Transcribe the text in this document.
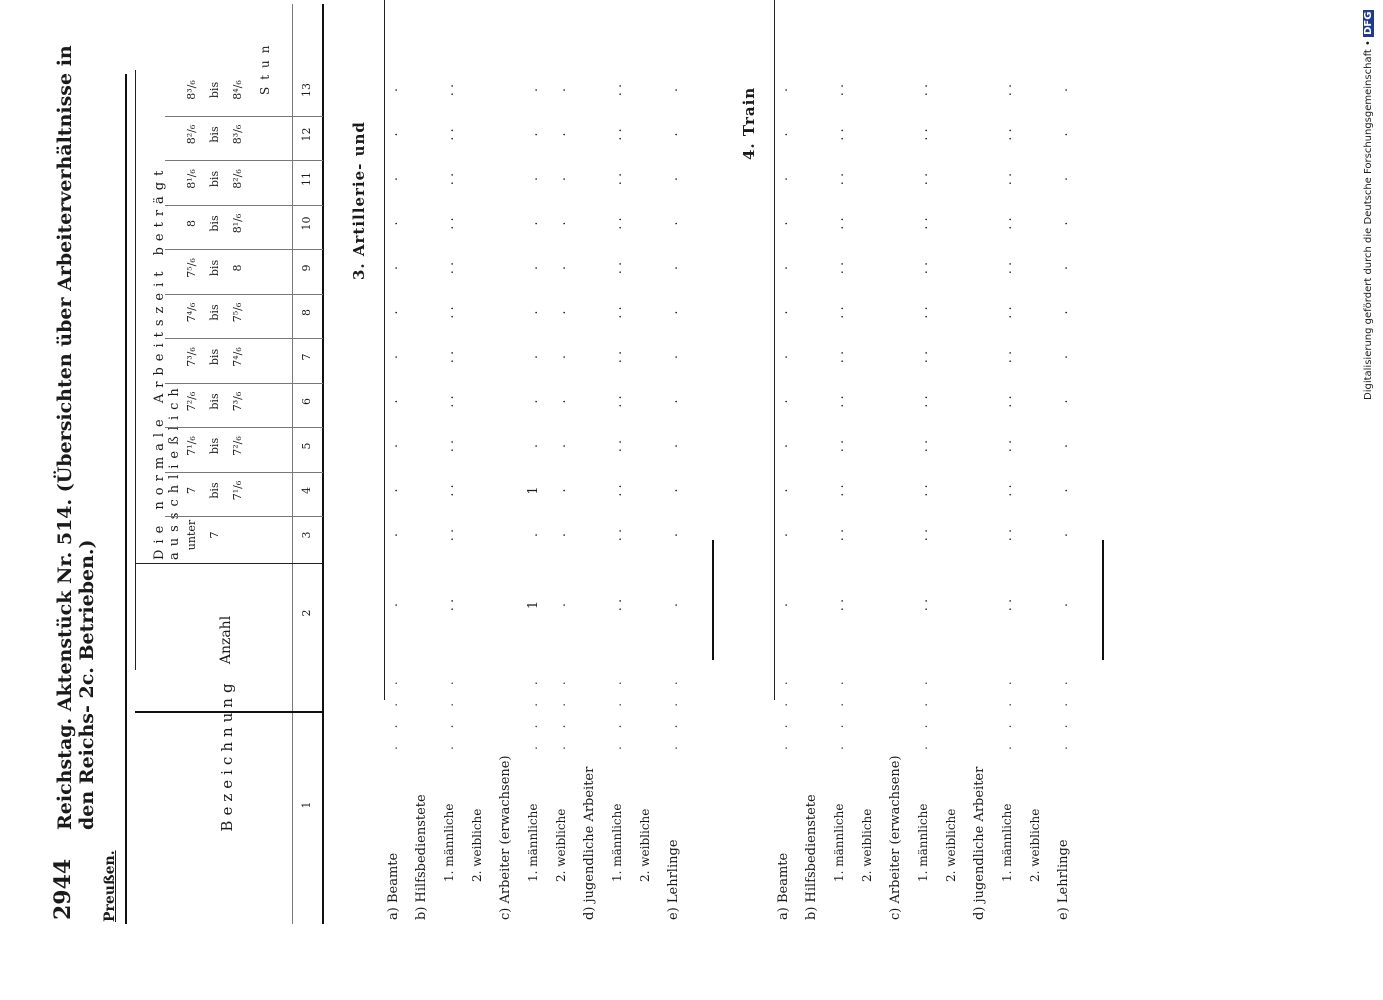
2944
Reichstag. Aktenstück Nr. 514. (Übersichten über Arbeiterverhältnisse in den Reichs- 2c. Betrieben.)
Preußen.
Bezeichnung
Anzahl
Die normale Arbeitszeit beträgt ausschließlich
Stun
unter 7
7 bis 7¹/₆
7¹/₆ bis 7²/₆
7²/₆ bis 7³/₆
7³/₆ bis 7⁴/₆
7⁴/₆ bis 7⁵/₆
7⁵/₆ bis 8
8 bis 8¹/₆
8¹/₆ bis 8²/₆
8²/₆ bis 8³/₆
8³/₆ bis 8⁴/₆
1
2
3
4
5
6
7
8
9
10
11
12
13
3. Artillerie- und
a) Beamte
. . . .
.
.
.
.
.
.
.
.
.
.
.
.
b) Hilfsbedienstete 1. männliche
. . . .
. .
. .
. .
. .
. .
. .
. .
. .
. .
. .
. .
. .
2. weibliche c) Arbeiter (erwachsene) 1. männliche
. . . .
1
.
1
.
.
.
.
.
.
.
.
.
2. weibliche
. . . .
.
.
.
.
.
.
.
.
.
.
.
.
d) jugendliche Arbeiter 1. männliche
. . . .
. .
. .
. .
. .
. .
. .
. .
. .
. .
. .
. .
. .
2. weibliche e) Lehrlinge
. . . .
.
.
.
.
.
.
.
.
.
.
.
.	4. Train
a) Beamte
. . . .
.
.
.
.
.
.
.
.
.
.
.
.
b) Hilfsbedienstete 1. männliche
. . . .
. .
. .
. .
. .
. .
. .
. .
. .
. .
. .
. .
. .
2. weibliche c) Arbeiter (erwachsene) 1. männliche
. . . .
. .
. .
. .
. .
. .
. .
. .
. .
. .
. .
. .
. .
2. weibliche d) jugendliche Arbeiter 1. männliche
. . . .
. .
. .
. .
. .
. .
. .
. .
. .
. .
. .
. .
. .
2. weibliche e) Lehrlinge
. . . .
.
.
.
.
.
.
.
.
.
.
.
.	Digitalisierung gefördert durch die Deutsche Forschungsgemeinschaft • DFG
